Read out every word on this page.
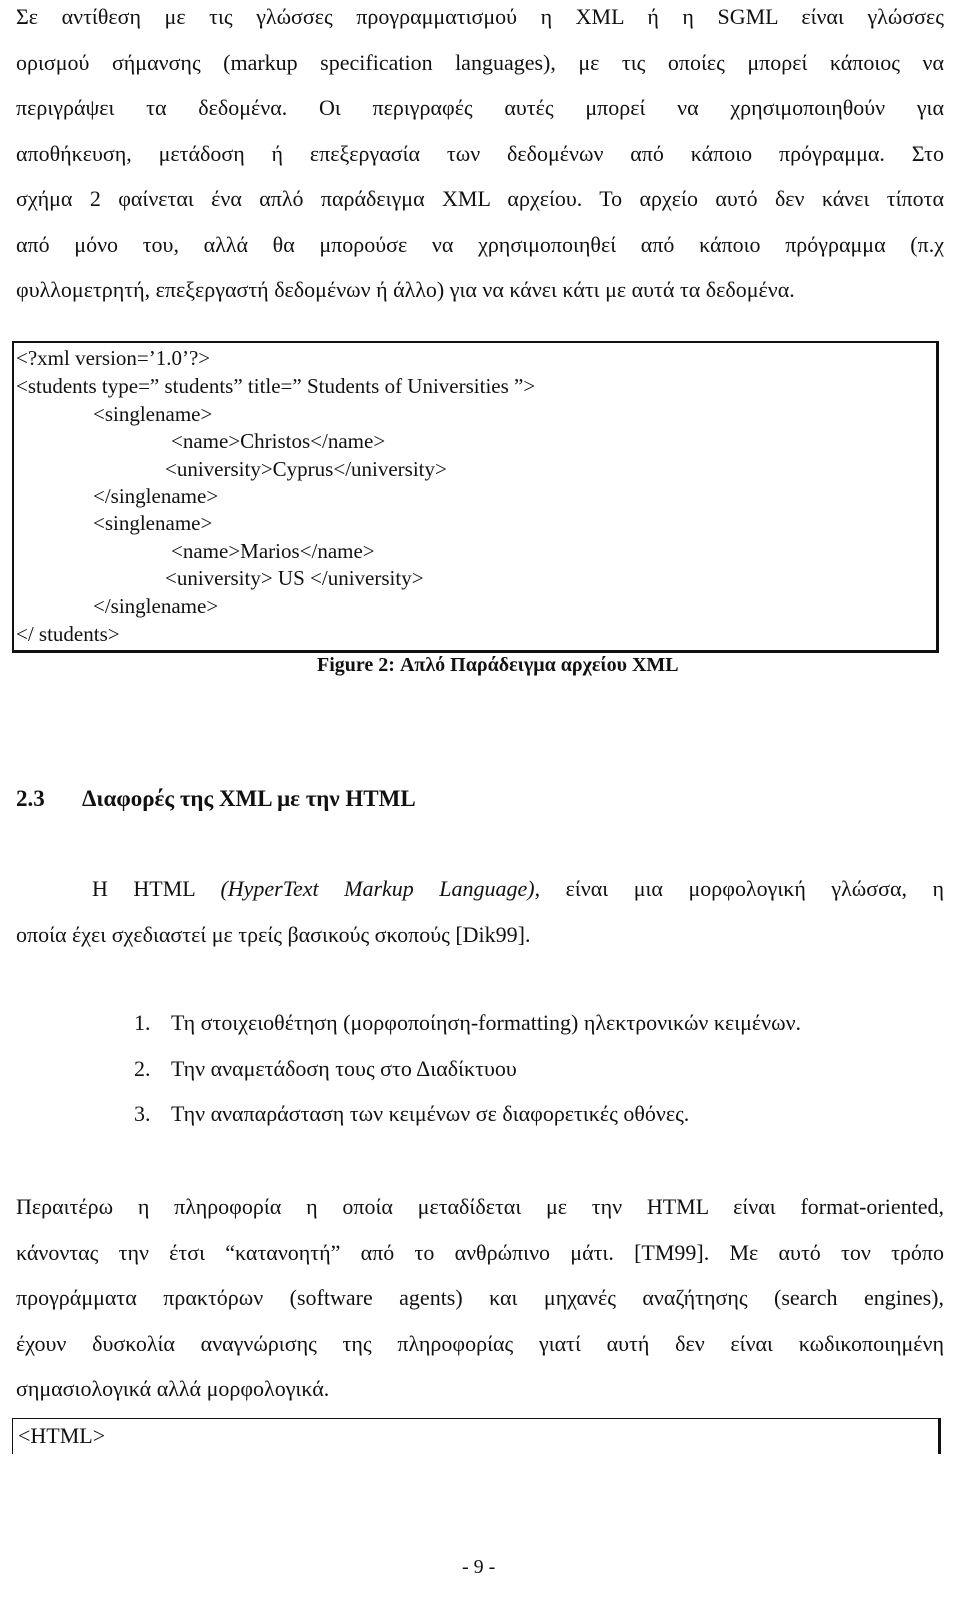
Σε αντίθεση με τις γλώσσες προγραμματισμού η XML ή η SGML είναι γλώσσες
ορισμού σήμανσης (markup specification languages), με τις οποίες μπορεί κάποιος να
περιγράψει τα δεδομένα. Οι περιγραφές αυτές μπορεί να χρησιμοποιηθούν για
αποθήκευση, μετάδοση ή επεξεργασία των δεδομένων από κάποιο πρόγραμμα. Στο
σχήμα 2 φαίνεται ένα απλό παράδειγμα XML αρχείου. Το αρχείο αυτό δεν κάνει τίποτα
από μόνο του, αλλά θα μπορούσε να χρησιμοποιηθεί από κάποιο πρόγραμμα (π.χ
φυλλομετρητή, επεξεργαστή δεδομένων ή άλλο) για να κάνει κάτι με αυτά τα δεδομένα.
<?xml version=’1.0’?>
<students type=” students” title=” Students of Universities ”>
<singlename>
<name>Christos</name>
<university>Cyprus</university>
</singlename>
<singlename>
<name>Marios</name>
<university> US </university>
</singlename>
</ students>
Figure 2: Απλό Παράδειγμα αρχείου XML
2.3 Διαφορές της XML με την HTML
Η HTML (HyperText Markup Language), είναι μια μορφολογική γλώσσα, η
οποία έχει σχεδιαστεί με τρείς βασικούς σκοπούς [Dik99].
1. Τη στοιχειοθέτηση (μορφοποίηση-formatting) ηλεκτρονικών κειμένων.
2. Την αναμετάδοση τους στο Διαδίκτυου
3. Την αναπαράσταση των κειμένων σε διαφορετικές οθόνες.
Περαιτέρω η πληροφορία η οποία μεταδίδεται με την HTML είναι format-oriented,
κάνοντας την έτσι “κατανοητή” από το ανθρώπινο μάτι. [TM99]. Με αυτό τον τρόπο
προγράμματα πρακτόρων (software agents) και μηχανές αναζήτησης (search engines),
έχουν δυσκολία αναγνώρισης της πληροφορίας γιατί αυτή δεν είναι κωδικοποιημένη
σημασιολογικά αλλά μορφολογικά.
<HTML>
- 9 -
